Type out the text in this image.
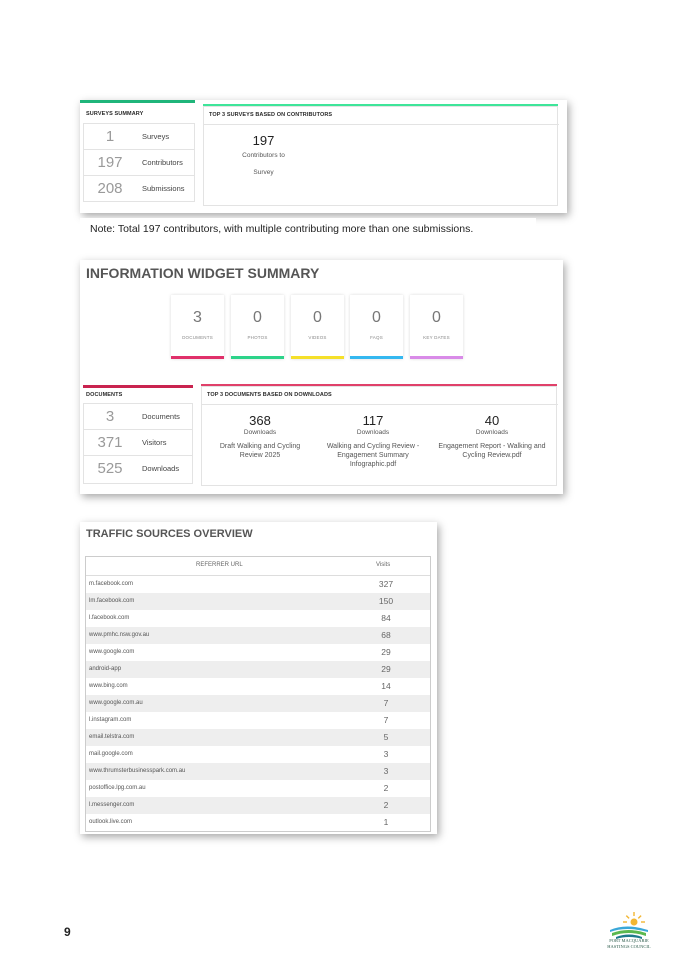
SURVEYS SUMMARY
1	Surveys
197	Contributors
208	Submissions
TOP 3 SURVEYS BASED ON CONTRIBUTORS
197
Contributors to
Survey
Note: Total 197 contributors, with multiple contributing more than one submissions.
INFORMATION WIDGET SUMMARY
3
DOCUMENTS
0
PHOTOS
0
VIDEOS
0
FAQS
0
KEY DATES
DOCUMENTS
3	Documents
371	Visitors
525	Downloads
TOP 3 DOCUMENTS BASED ON DOWNLOADS
368
Downloads
Draft Walking and Cycling Review 2025
117
Downloads
Walking and Cycling Review - Engagement Summary Infographic.pdf
40
Downloads
Engagement Report - Walking and Cycling Review.pdf
TRAFFIC SOURCES OVERVIEW
REFERRER URL	Visits
m.facebook.com	327
lm.facebook.com	150
l.facebook.com	84
www.pmhc.nsw.gov.au	68
www.google.com	29
android-app	29
www.bing.com	14
www.google.com.au	7
l.instagram.com	7
email.telstra.com	5
mail.google.com	3
www.thrumsterbusinesspark.com.au	3
postoffice.lpg.com.au	2
l.messenger.com	2
outlook.live.com	1
9
PORT MACQUARIE
HASTINGS COUNCIL
